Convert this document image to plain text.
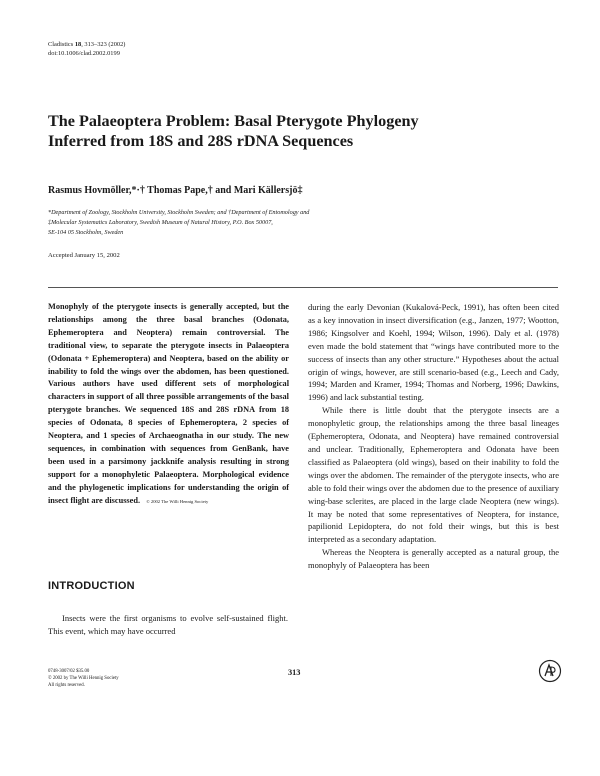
Cladistics 18, 313–323 (2002)
doi:10.1006/clad.2002.0199
The Palaeoptera Problem: Basal Pterygote Phylogeny
Inferred from 18S and 28S rDNA Sequences
Rasmus Hovmöller,*·† Thomas Pape,† and Mari Källersjö‡
*Department of Zoology, Stockholm University, Stockholm Sweden; and †Department of Entomology and
‡Molecular Systematics Laboratory, Swedish Museum of Natural History, P.O. Box 50007,
SE-104 05 Stockholm, Sweden
Accepted January 15, 2002
Monophyly of the pterygote insects is generally accepted, but the relationships among the three basal branches (Odonata, Ephemeroptera and Neoptera) remain controversial. The traditional view, to separate the pterygote insects in Palaeoptera (Odonata + Ephemeroptera) and Neoptera, based on the ability or inability to fold the wings over the abdomen, has been questioned. Various authors have used different sets of morphological characters in support of all three possible arrangements of the basal pterygote branches. We sequenced 18S and 28S rDNA from 18 species of Odonata, 8 species of Ephemeroptera, 2 species of Neoptera, and 1 species of Archaeognatha in our study. The new sequences, in combination with sequences from GenBank, have been used in a parsimony jackknife analysis resulting in strong support for a monophyletic Palaeoptera. Morphological evidence and the phylogenetic implications for understanding the origin of insect flight are discussed. © 2002 The Willi Hennig Society
INTRODUCTION

Insects were the first organisms to evolve self-sustained flight. This event, which may have occurred

during the early Devonian (Kukalová-Peck, 1991), has often been cited as a key innovation in insect diversification (e.g., Janzen, 1977; Wootton, 1986; Kingsolver and Koehl, 1994; Wilson, 1996). Daly et al. (1978) even made the bold statement that “wings have contributed more to the success of insects than any other structure.” Hypotheses about the actual origin of wings, however, are still scenario-based (e.g., Leech and Cady, 1994; Marden and Kramer, 1994; Thomas and Norberg, 1996; Dawkins, 1996) and lack substantial testing.

While there is little doubt that the pterygote insects are a monophyletic group, the relationships among the three basal lineages (Ephemeroptera, Odonata, and Neoptera) have remained controversial and unclear. Traditionally, Ephemeroptera and Odonata have been classified as Palaeoptera (old wings), based on their inability to fold the wings over the abdomen. The remainder of the pterygote insects, who are able to fold their wings over the abdomen due to the presence of auxiliary wing-base sclerites, are placed in the large clade Neoptera (new wings). It may be noted that some representatives of Neoptera, for instance, papilionid Lepidoptera, do not fold their wings, but this is best interpreted as a secondary adaptation.

Whereas the Neoptera is generally accepted as a natural group, the monophyly of Palaeoptera has been

0748-3007/02 $35.00
© 2002 by The Willi Hennig Society
All rights reserved.
313
